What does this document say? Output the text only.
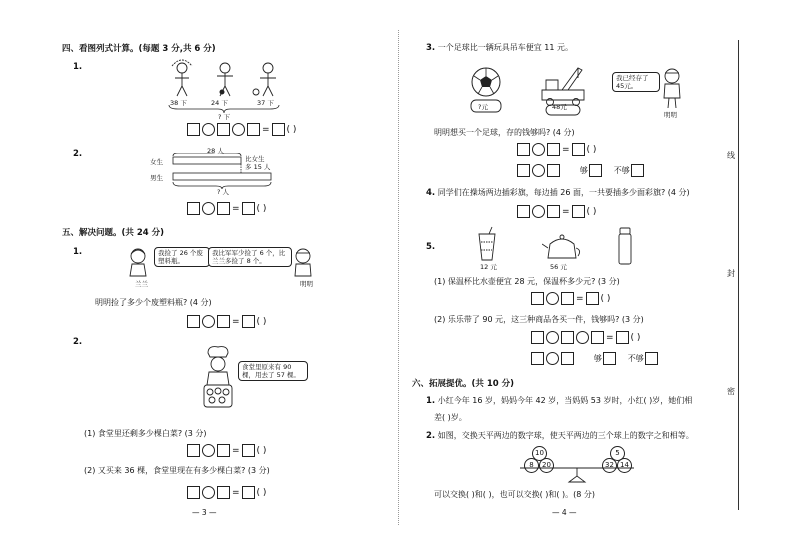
四、看图列式计算。(每题 3 分,共 6 分)
1.
38 下	24 下	37 下
? 下
= ( )
2.	28 人
女生
男生
比女生
多 15 人
? 人
= ( )
五、解决问题。(共 24 分)
1.	我捡了 26 个废塑料瓶。
我比军军少捡了 6 个，比兰兰多捡了 8 个。
兰兰	明明
明明捡了多少个废塑料瓶? (4 分)
= ( )
2.
食堂里原来有 90 棵，用去了 57 棵。
(1) 食堂里还剩多少棵白菜? (3 分)
= ( )
(2) 又买来 36 棵，食堂里现在有多少棵白菜? (3 分)
= ( )
— 3 —
3. 一个足球比一辆玩具吊车便宜 11 元。
?元	48元
我已经存了 45元。
明明
明明想买一个足球，存的钱够吗? (4 分)
= ( )
够	不够
4. 同学们在操场两边插彩旗，每边插 26 面，一共要插多少面彩旗? (4 分)
= ( )
5.
12 元	56 元
(1) 保温杯比水壶便宜 28 元，保温杯多少元? (3 分)
= ( )
(2) 乐乐带了 90 元，这三种商品各买一件，钱够吗? (3 分)
= ( )
够	不够
六、拓展提优。(共 10 分)
1. 小红今年 16 岁，妈妈今年 42 岁，当妈妈 53 岁时，小红( )岁，她们相
差( )岁。
2. 如图，交换天平两边的数字球，使天平两边的三个球上的数字之和相等。
10
8	20
5
32 14
可以交换( )和( )，也可以交换( )和( )。(8 分)
— 4 —
线
封
密
